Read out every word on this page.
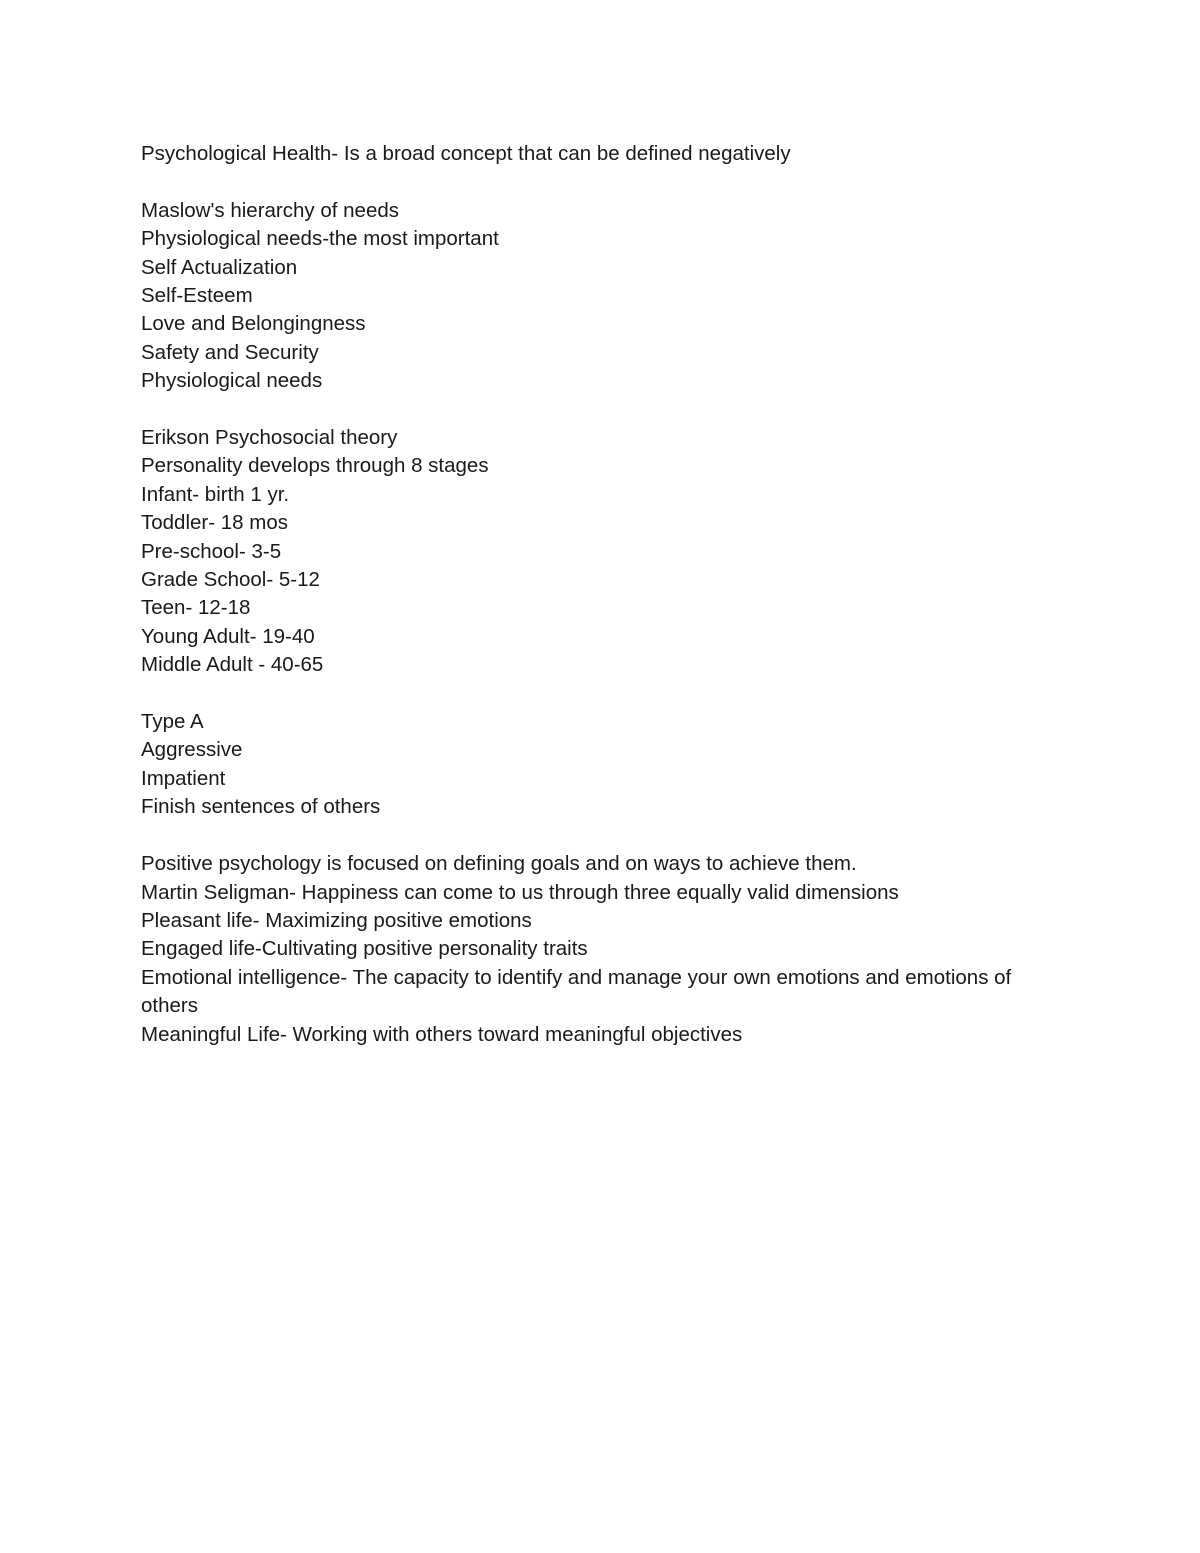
Psychological Health- Is a broad concept that can be defined negatively
Maslow's hierarchy of needs
Physiological needs-the most important
Self Actualization
Self-Esteem
Love and Belongingness
Safety and Security
Physiological needs
Erikson Psychosocial theory
Personality develops through 8 stages
Infant- birth 1 yr.
Toddler- 18 mos
Pre-school- 3-5
Grade School- 5-12
Teen- 12-18
Young Adult- 19-40
Middle Adult - 40-65
Type A
Aggressive
Impatient
Finish sentences of others
Positive psychology is focused on defining goals and on ways to achieve them.
Martin Seligman- Happiness can come to us through three equally valid dimensions
Pleasant life- Maximizing positive emotions
Engaged life-Cultivating positive personality traits
Emotional intelligence- The capacity to identify and manage your own emotions and emotions of others
Meaningful Life- Working with others toward meaningful objectives
